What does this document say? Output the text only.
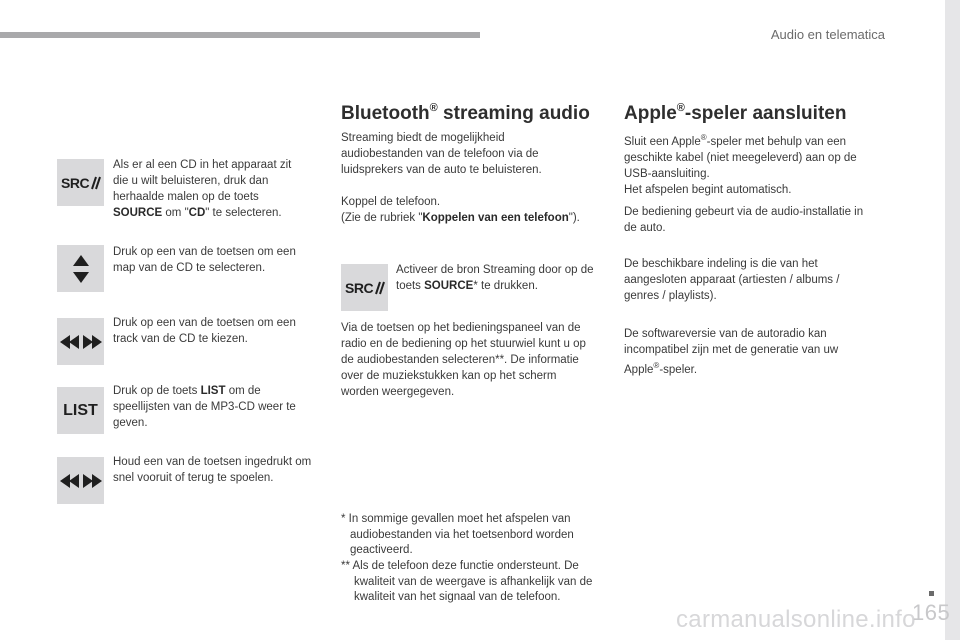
Audio en telematica
carmanualsonline.info
165
SRC

Als er al een CD in het apparaat zit die u wilt beluisteren, druk dan herhaalde malen op de toets SOURCE om "CD" te selecteren.

Druk op een van de toetsen om een map van de CD te selecteren.

Druk op een van de toetsen om een track van de CD te kiezen.

LIST

Druk op de toets LIST om de speellijsten van de MP3-CD weer te geven.

Houd een van de toetsen ingedrukt om snel vooruit of terug te spoelen.

Bluetooth® streaming audio

Streaming biedt de mogelijkheid audiobestanden van de telefoon via de luidsprekers van de auto te beluisteren.

Koppel de telefoon.
(Zie de rubriek "Koppelen van een telefoon").

SRC

Activeer de bron Streaming door op de toets SOURCE* te drukken.

Via de toetsen op het bedieningspaneel van de radio en de bediening op het stuurwiel kunt u op de audiobestanden selecteren**. De informatie over de muziekstukken kan op het scherm worden weergegeven.

* In sommige gevallen moet het afspelen van audiobestanden via het toetsenbord worden geactiveerd.

** Als de telefoon deze functie ondersteunt. De kwaliteit van de weergave is afhankelijk van de kwaliteit van het signaal van de telefoon.

Apple®-speler aansluiten

Sluit een Apple®-speler met behulp van een geschikte kabel (niet meegeleverd) aan op de USB-aansluiting.
Het afspelen begint automatisch.

De bediening gebeurt via de audio-installatie in de auto.

De beschikbare indeling is die van het aangesloten apparaat (artiesten / albums / genres / playlists).

De softwareversie van de autoradio kan incompatibel zijn met de generatie van uw Apple®-speler.
